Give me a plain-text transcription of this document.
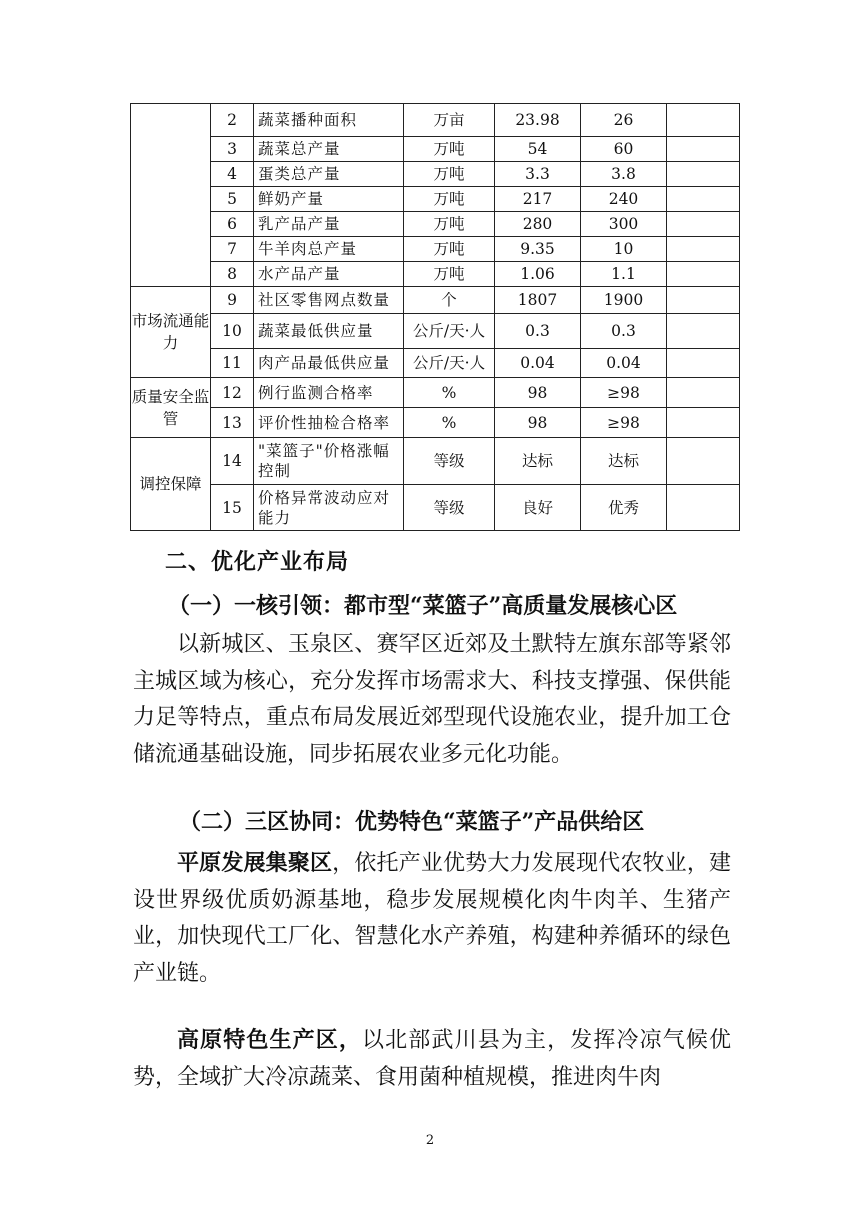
	2	蔬菜播种面积	万亩	23.98	26	
	3	蔬菜总产量	万吨	54	60	
	4	蛋类总产量	万吨	3.3	3.8	
	5	鲜奶产量	万吨	217	240	
	6	乳产品产量	万吨	280	300	
	7	牛羊肉总产量	万吨	9.35	10	
	8	水产品产量	万吨	1.06	1.1	
市场流通能力	9	社区零售网点数量	个	1807	1900	
	10	蔬菜最低供应量	公斤/天·人	0.3	0.3	
	11	肉产品最低供应量	公斤/天·人	0.04	0.04	
质量安全监管	12	例行监测合格率	%	98	≥98	
	13	评价性抽检合格率	%	98	≥98	
调控保障	14	"菜篮子"价格涨幅控制	等级	达标	达标	
	15	价格异常波动应对能力	等级	良好	优秀	
二、优化产业布局
（一）一核引领：都市型“菜篮子”高质量发展核心区

以新城区、玉泉区、赛罕区近郊及土默特左旗东部等紧邻主城区域为核心，充分发挥市场需求大、科技支撑强、保供能力足等特点，重点布局发展近郊型现代设施农业，提升加工仓储流通基础设施，同步拓展农业多元化功能。

（二）三区协同：优势特色“菜篮子”产品供给区

平原发展集聚区，依托产业优势大力发展现代农牧业，建设世界级优质奶源基地，稳步发展规模化肉牛肉羊、生猪产业，加快现代工厂化、智慧化水产养殖，构建种养循环的绿色产业链。

高原特色生产区，以北部武川县为主，发挥冷凉气候优势，全域扩大冷凉蔬菜、食用菌种植规模，推进肉牛肉

2
